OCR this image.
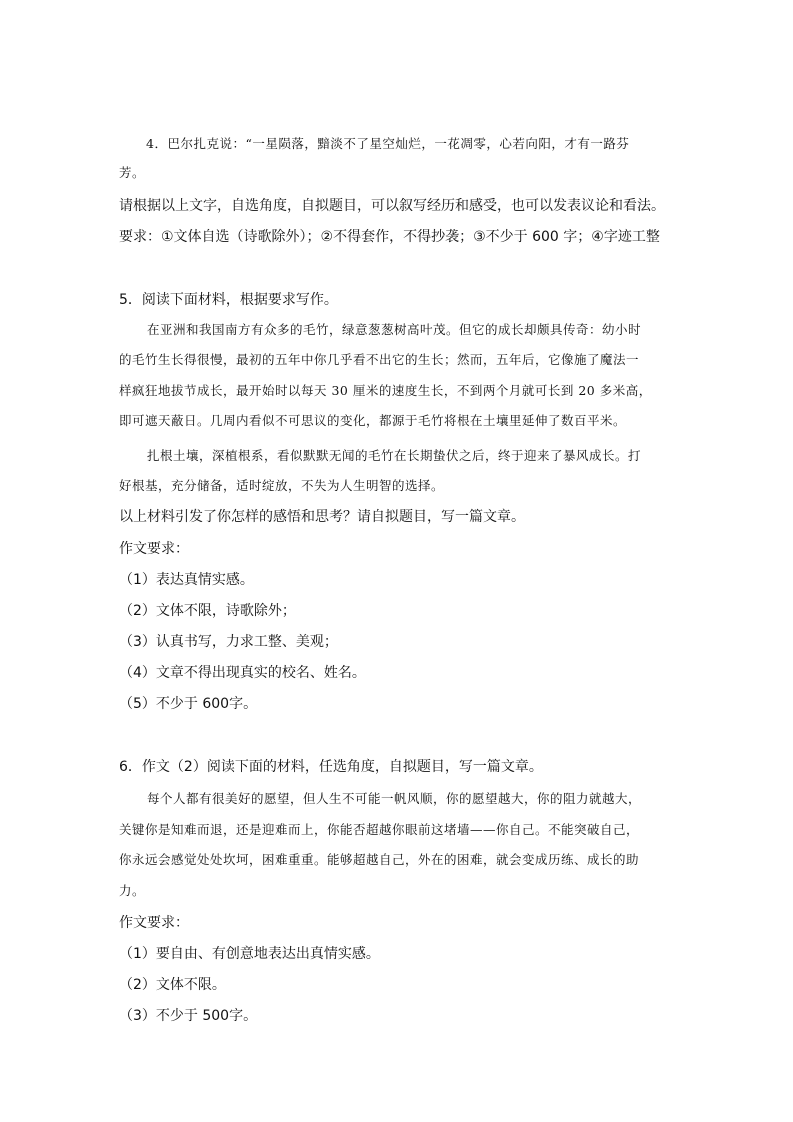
4．巴尔扎克说：“一星陨落，黯淡不了星空灿烂，一花凋零，心若向阳，才有一路芬
芳。
请根据以上文字，自选角度，自拟题目，可以叙写经历和感受，也可以发表议论和看法。
要求：①文体自选（诗歌除外）；②不得套作，不得抄袭；③不少于 600 字；④字迹工整
5．阅读下面材料，根据要求写作。
在亚洲和我国南方有众多的毛竹，绿意葱葱树高叶茂。但它的成长却颇具传奇：幼小时
的毛竹生长得很慢，最初的五年中你几乎看不出它的生长；然而，五年后，它像施了魔法一
样疯狂地拔节成长，最开始时以每天 30 厘米的速度生长，不到两个月就可长到 20 多米高，
即可遮天蔽日。几周内看似不可思议的变化，都源于毛竹将根在土壤里延伸了数百平米。
扎根土壤，深植根系，看似默默无闻的毛竹在长期蛰伏之后，终于迎来了暴风成长。打
好根基，充分储备，适时绽放，不失为人生明智的选择。
以上材料引发了你怎样的感悟和思考？请自拟题目，写一篇文章。
作文要求：
（1）表达真情实感。
（2）文体不限，诗歌除外；
（3）认真书写，力求工整、美观；
（4）文章不得出现真实的校名、姓名。
（5）不少于 600字。
6．作文（2）阅读下面的材料，任选角度，自拟题目，写一篇文章。
每个人都有很美好的愿望，但人生不可能一帆风顺，你的愿望越大，你的阻力就越大，
关键你是知难而退，还是迎难而上，你能否超越你眼前这堵墙——你自己。不能突破自己，
你永远会感觉处处坎坷，困难重重。能够超越自己，外在的困难，就会变成历练、成长的助
力。
作文要求：
（1）要自由、有创意地表达出真情实感。
（2）文体不限。
（3）不少于 500字。
